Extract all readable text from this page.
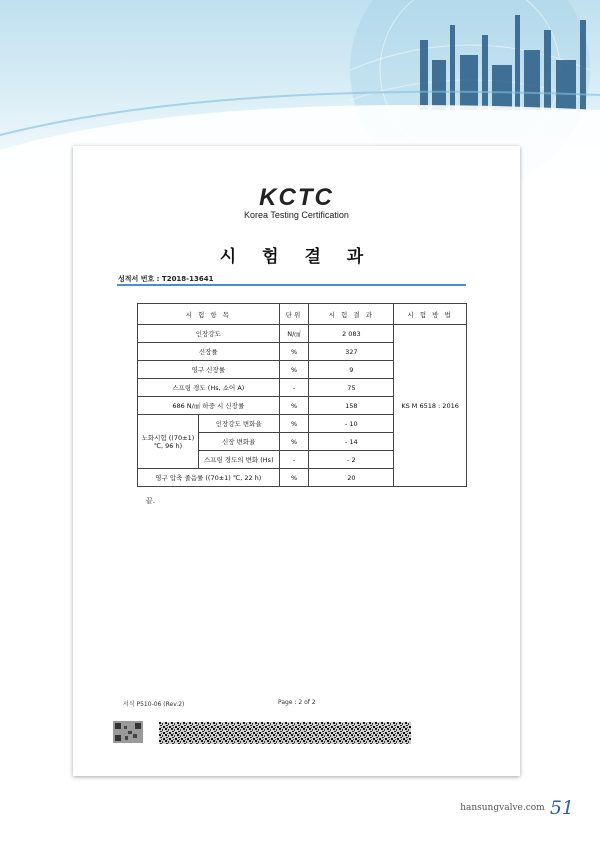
KCTC
Korea Testing Certification
시 험 결 과
성적서 번호 : T2018-13641
시 험 항 목		단위	시 험 결 과	시 험 방 법
인장강도		N/㎠	2 083	KS M 6518 : 2016
신장률		%	327	
영구 신장률		%	9	
스프링 경도 (Hs, 쇼어 A)		-	75	
686 N/㎠ 하중 시 신장률		%	158	
노화시험 ((70±1) ℃, 96 h)	인장강도 변화율	%	- 10	
	신장 변화율	%	- 14	
	스프링 경도의 변화 (Hs)	-	- 2	
영구 압축 줄음률 ((70±1) ℃, 22 h)		%	20	
끝.
서식 P510-06 (Rev.2)	Page : 2 of 2
hansungvalve.com 51
